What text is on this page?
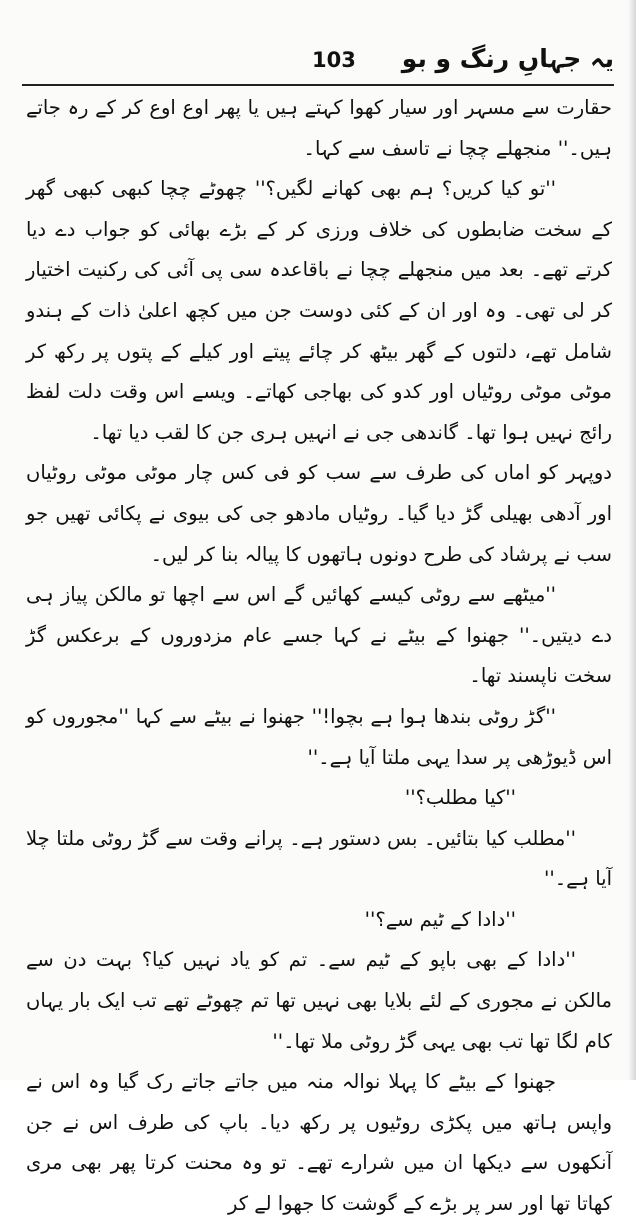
103 یہ جہاںِ رنگ و بو

حقارت سے مسہر اور سیار کھوا کہتے ہیں یا پھر اوع اوع کر کے رہ جاتے ہیں۔'' منجھلے چچا نے تاسف سے کہا۔

''تو کیا کریں؟ ہم بھی کھانے لگیں؟'' چھوٹے چچا کبھی کبھی گھر کے سخت ضابطوں کی خلاف ورزی کر کے بڑے بھائی کو جواب دے دیا کرتے تھے۔ بعد میں منجھلے چچا نے باقاعدہ سی پی آئی کی رکنیت اختیار کر لی تھی۔ وہ اور ان کے کئی دوست جن میں کچھ اعلیٰ ذات کے ہندو شامل تھے، دلتوں کے گھر بیٹھ کر چائے پیتے اور کیلے کے پتوں پر رکھ کر موٹی موٹی روٹیاں اور کدو کی بھاجی کھاتے۔ ویسے اس وقت دلت لفظ رائج نہیں ہوا تھا۔ گاندھی جی نے انہیں ہری جن کا لقب دیا تھا۔

دوپہر کو اماں کی طرف سے سب کو فی کس چار موٹی موٹی روٹیاں اور آدھی بھیلی گڑ دیا گیا۔ روٹیاں مادھو جی کی بیوی نے پکائی تھیں جو سب نے پرشاد کی طرح دونوں ہاتھوں کا پیالہ بنا کر لیں۔

''میٹھے سے روٹی کیسے کھائیں گے اس سے اچھا تو مالکن پیاز ہی دے دیتیں۔'' جھنوا کے بیٹے نے کہا جسے عام مزدوروں کے برعکس گڑ سخت ناپسند تھا۔

''گڑ روٹی بندھا ہوا ہے بچوا!'' جھنوا نے بیٹے سے کہا ''مجوروں کو اس ڈیوڑھی پر سدا یہی ملتا آیا ہے۔''

''کیا مطلب؟''

''مطلب کیا بتائیں۔ بس دستور ہے۔ پرانے وقت سے گڑ روٹی ملتا چلا آیا ہے۔''

''دادا کے ٹیم سے؟''

''دادا کے بھی باپو کے ٹیم سے۔ تم کو یاد نہیں کیا؟ بہت دن سے مالکن نے مجوری کے لئے بلایا بھی نہیں تھا تم چھوٹے تھے تب ایک بار یہاں کام لگا تھا تب بھی یہی گڑ روٹی ملا تھا۔''

جھنوا کے بیٹے کا پہلا نوالہ منہ میں جاتے جاتے رک گیا وہ اس نے واپس ہاتھ میں پکڑی روٹیوں پر رکھ دیا۔ باپ کی طرف اس نے جن آنکھوں سے دیکھا ان میں شرارے تھے۔ تو وہ محنت کرتا پھر بھی مری کھاتا تھا اور سر پر بڑے کے گوشت کا جھوا لے کر
